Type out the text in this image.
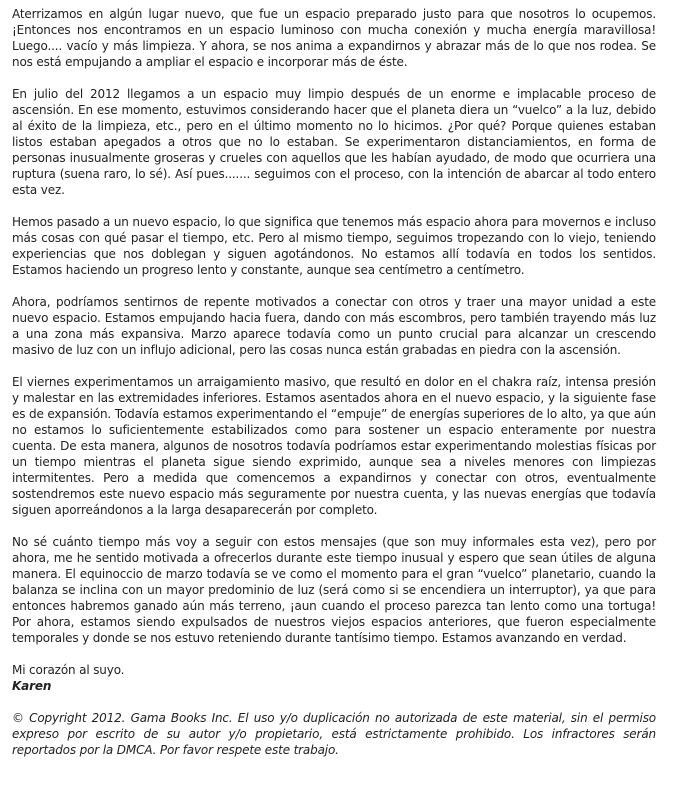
Aterrizamos en algún lugar nuevo, que fue un espacio preparado justo para que nosotros lo ocupemos. ¡Entonces nos encontramos en un espacio luminoso con mucha conexión y mucha energía maravillosa! Luego.... vacío y más limpieza. Y ahora, se nos anima a expandirnos y abrazar más de lo que nos rodea. Se nos está empujando a ampliar el espacio e incorporar más de éste.

En julio del 2012 llegamos a un espacio muy limpio después de un enorme e implacable proceso de ascensión. En ese momento, estuvimos considerando hacer que el planeta diera un “vuelco” a la luz, debido al éxito de la limpieza, etc., pero en el último momento no lo hicimos. ¿Por qué? Porque quienes estaban listos estaban apegados a otros que no lo estaban. Se experimentaron distanciamientos, en forma de personas inusualmente groseras y crueles con aquellos que les habían ayudado, de modo que ocurriera una ruptura (suena raro, lo sé). Así pues....... seguimos con el proceso, con la intención de abarcar al todo entero esta vez.

Hemos pasado a un nuevo espacio, lo que significa que tenemos más espacio ahora para movernos e incluso más cosas con qué pasar el tiempo, etc. Pero al mismo tiempo, seguimos tropezando con lo viejo, teniendo experiencias que nos doblegan y siguen agotándonos. No estamos allí todavía en todos los sentidos. Estamos haciendo un progreso lento y constante, aunque sea centímetro a centímetro.

Ahora, podríamos sentirnos de repente motivados a conectar con otros y traer una mayor unidad a este nuevo espacio. Estamos empujando hacia fuera, dando con más escombros, pero también trayendo más luz a una zona más expansiva. Marzo aparece todavía como un punto crucial para alcanzar un crescendo masivo de luz con un influjo adicional, pero las cosas nunca están grabadas en piedra con la ascensión.

El viernes experimentamos un arraigamiento masivo, que resultó en dolor en el chakra raíz, intensa presión y malestar en las extremidades inferiores. Estamos asentados ahora en el nuevo espacio, y la siguiente fase es de expansión. Todavía estamos experimentando el “empuje” de energías superiores de lo alto, ya que aún no estamos lo suficientemente estabilizados como para sostener un espacio enteramente por nuestra cuenta. De esta manera, algunos de nosotros todavía podríamos estar experimentando molestias físicas por un tiempo mientras el planeta sigue siendo exprimido, aunque sea a niveles menores con limpiezas intermitentes. Pero a medida que comencemos a expandirnos y conectar con otros, eventualmente sostendremos este nuevo espacio más seguramente por nuestra cuenta, y las nuevas energías que todavía siguen aporreándonos a la larga desaparecerán por completo.

No sé cuánto tiempo más voy a seguir con estos mensajes (que son muy informales esta vez), pero por ahora, me he sentido motivada a ofrecerlos durante este tiempo inusual y espero que sean útiles de alguna manera. El equinoccio de marzo todavía se ve como el momento para el gran “vuelco” planetario, cuando la balanza se inclina con un mayor predominio de luz (será como si se encendiera un interruptor), ya que para entonces habremos ganado aún más terreno, ¡aun cuando el proceso parezca tan lento como una tortuga! Por ahora, estamos siendo expulsados de nuestros viejos espacios anteriores, que fueron especialmente temporales y donde se nos estuvo reteniendo durante tantísimo tiempo. Estamos avanzando en verdad.

Mi corazón al suyo.

Karen

© Copyright 2012. Gama Books Inc. El uso y/o duplicación no autorizada de este material, sin el permiso expreso por escrito de su autor y/o propietario, está estrictamente prohibido. Los infractores serán reportados por la DMCA. Por favor respete este trabajo.
